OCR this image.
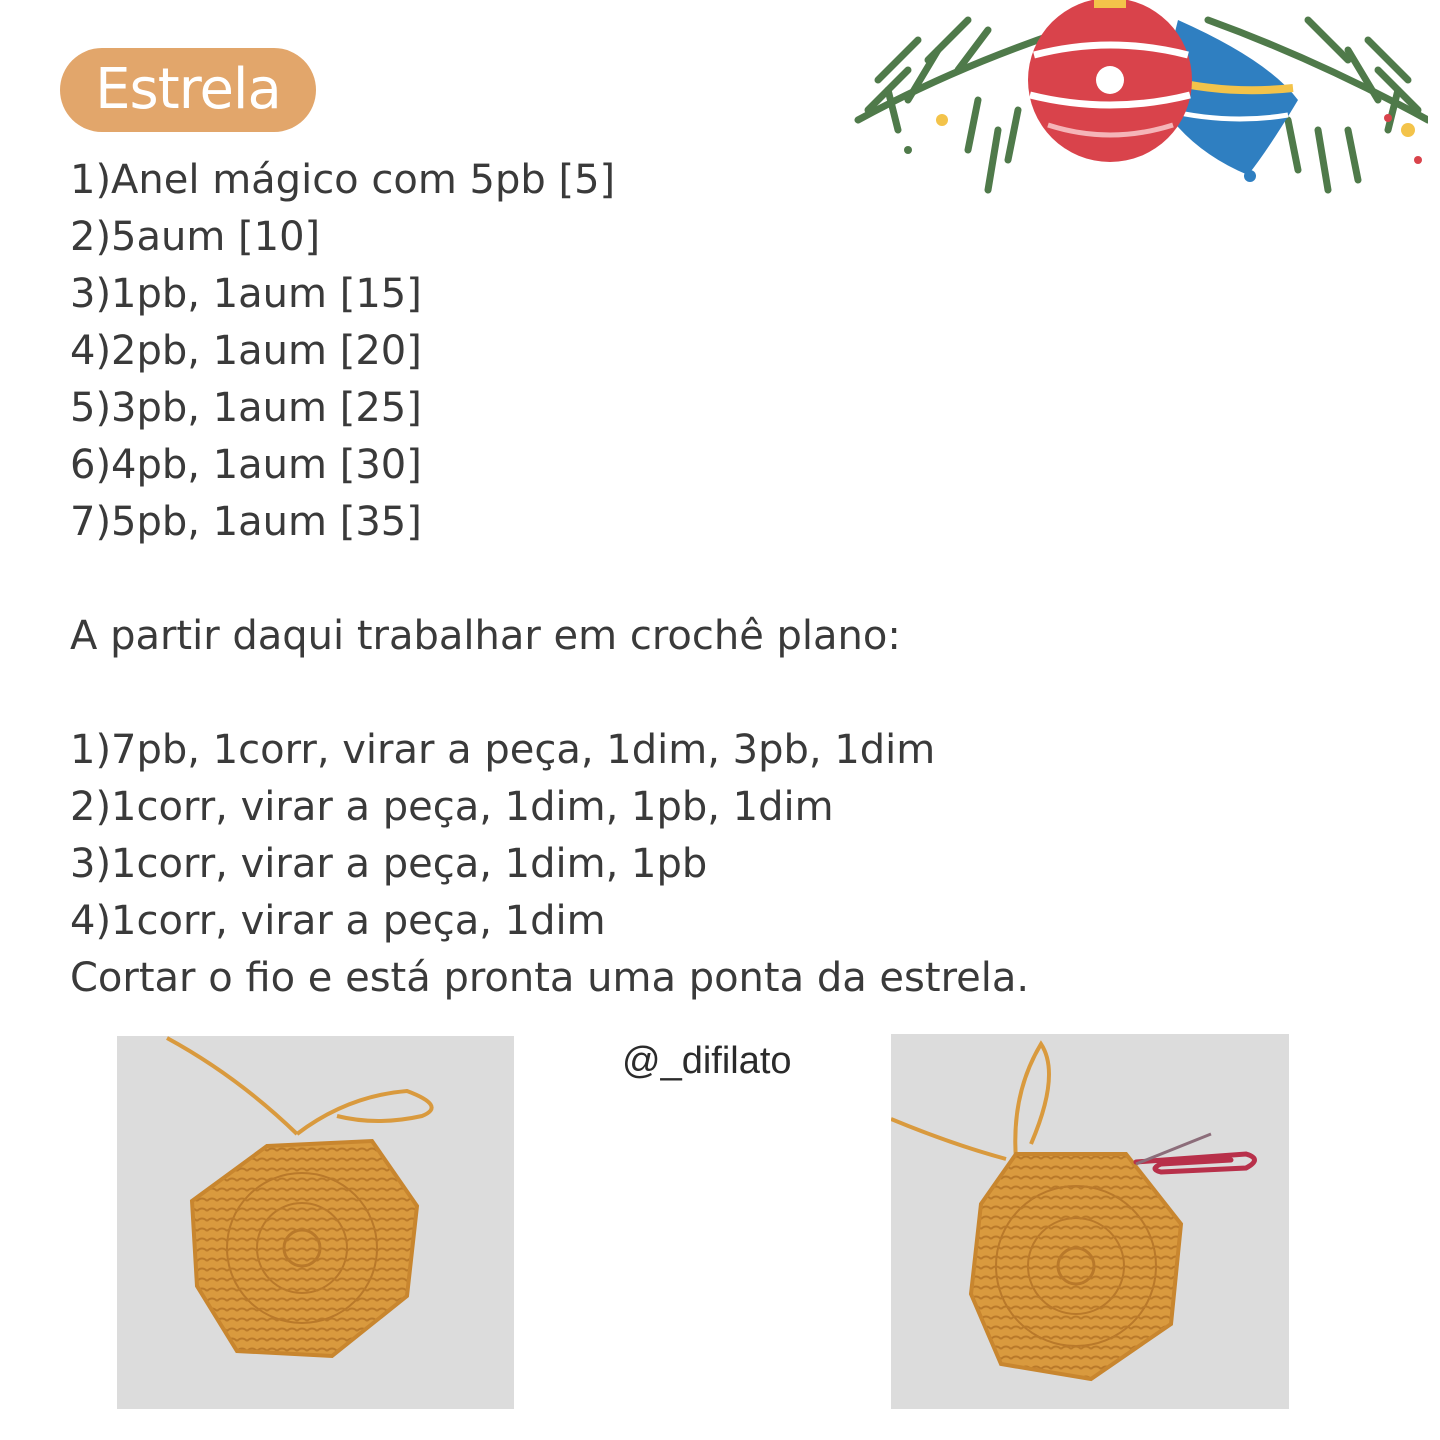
Estrela
1)Anel mágico com 5pb [5]
2)5aum [10]
3)1pb, 1aum [15]
4)2pb, 1aum [20]
5)3pb, 1aum [25]
6)4pb, 1aum [30]
7)5pb, 1aum [35]
A partir daqui trabalhar em crochê plano:
1)7pb, 1corr, virar a peça, 1dim, 3pb, 1dim
2)1corr, virar a peça, 1dim, 1pb, 1dim
3)1corr, virar a peça, 1dim, 1pb
4)1corr, virar a peça, 1dim
Cortar o fio e está pronta uma ponta da estrela.
@_difilato
